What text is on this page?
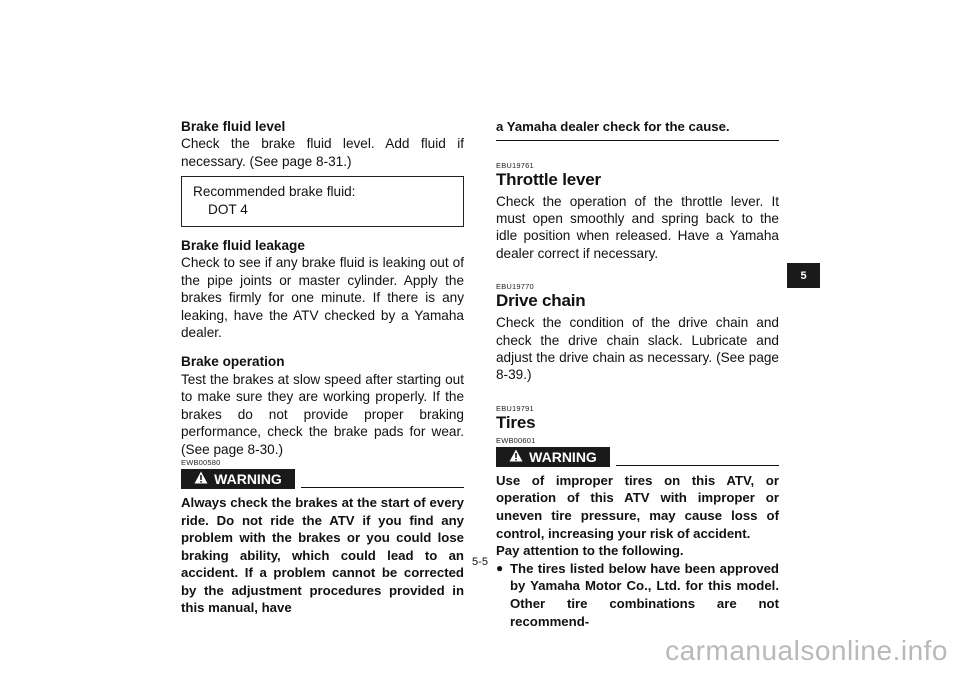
Brake fluid level

Check the brake fluid level. Add fluid if necessary. (See page 8-31.)

Recommended brake fluid:

DOT 4

Brake fluid leakage

Check to see if any brake fluid is leaking out of the pipe joints or master cylinder. Apply the brakes firmly for one minute. If there is any leaking, have the ATV checked by a Yamaha dealer.

Brake operation

Test the brakes at slow speed after starting out to make sure they are working properly. If the brakes do not provide proper braking performance, check the brake pads for wear. (See page 8-30.)

EWB00580

WARNING

Always check the brakes at the start of every ride. Do not ride the ATV if you find any problem with the brakes or you could lose braking ability, which could lead to an accident. If a problem cannot be corrected by the adjustment procedures provided in this manual, have

a Yamaha dealer check for the cause.

EBU19761

Throttle lever

Check the operation of the throttle lever. It must open smoothly and spring back to the idle position when released. Have a Yamaha dealer correct if necessary.

EBU19770

Drive chain

Check the condition of the drive chain and check the drive chain slack. Lubricate and adjust the drive chain as necessary. (See page 8-39.)

EBU19791

Tires

EWB00601

WARNING

Use of improper tires on this ATV, or operation of this ATV with improper or uneven tire pressure, may cause loss of control, increasing your risk of accident.

Pay attention to the following.

● The tires listed below have been approved by Yamaha Motor Co., Ltd. for this model. Other tire combinations are not recommend-
5
5-5
carmanualsonline.info
